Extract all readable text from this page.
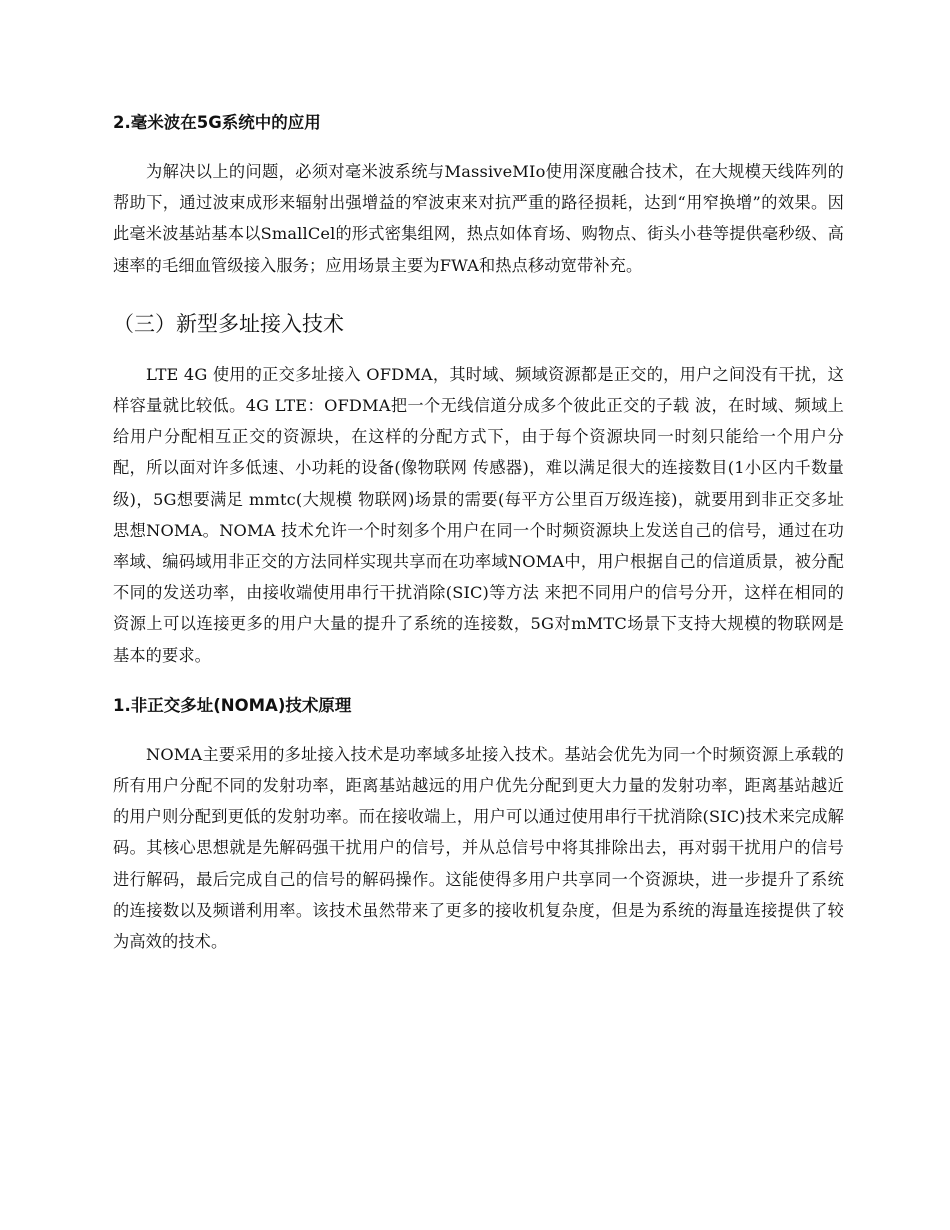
2.毫米波在5G系统中的应用
为解决以上的问题，必须对毫米波系统与MassiveMIo使用深度融合技术，在大规模天线阵列的帮助下，通过波束成形来辐射出强增益的窄波束来对抗严重的路径损耗，达到“用窄换增”的效果。因此毫米波基站基本以SmallCel的形式密集组网，热点如体育场、购物点、街头小巷等提供毫秒级、高速率的毛细血管级接入服务；应用场景主要为FWA和热点移动宽带补充。
（三）新型多址接入技术
LTE 4G 使用的正交多址接入 OFDMA，其时域、频域资源都是正交的，用户之间没有干扰，这样容量就比较低。4G LTE：OFDMA把一个无线信道分成多个彼此正交的子载 波，在时域、频域上给用户分配相互正交的资源块，在这样的分配方式下，由于每个资源块同一时刻只能给一个用户分配，所以面对许多低速、小功耗的设备(像物联网 传感器)，难以满足很大的连接数目(1小区内千数量级)，5G想要满足 mmtc(大规模 物联网)场景的需要(每平方公里百万级连接)，就要用到非正交多址思想NOMA。NOMA 技术允许一个时刻多个用户在同一个时频资源块上发送自己的信号，通过在功率域、编码域用非正交的方法同样实现共享而在功率域NOMA中，用户根据自己的信道质景，被分配不同的发送功率，由接收端使用串行干扰消除(SIC)等方法 来把不同用户的信号分开，这样在相同的资源上可以连接更多的用户大量的提升了系统的连接数，5G对mMTC场景下支持大规模的物联网是基本的要求。
1.非正交多址(NOMA)技术原理
NOMA主要采用的多址接入技术是功率域多址接入技术。基站会优先为同一个时频资源上承载的所有用户分配不同的发射功率，距离基站越远的用户优先分配到更大力量的发射功率，距离基站越近的用户则分配到更低的发射功率。而在接收端上，用户可以通过使用串行干扰消除(SIC)技术来完成解码。其核心思想就是先解码强干扰用户的信号，并从总信号中将其排除出去，再对弱干扰用户的信号进行解码，最后完成自己的信号的解码操作。这能使得多用户共享同一个资源块，进一步提升了系统的连接数以及频谱利用率。该技术虽然带来了更多的接收机复杂度，但是为系统的海量连接提供了较为高效的技术。
